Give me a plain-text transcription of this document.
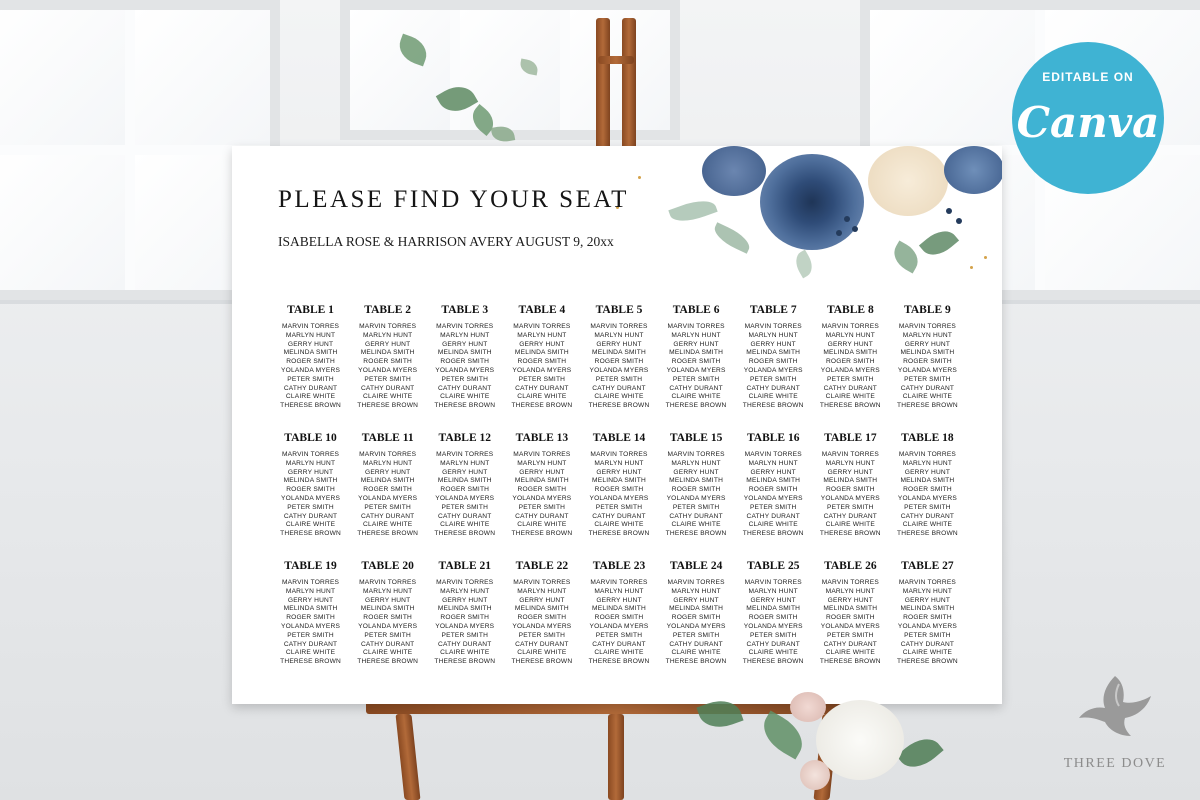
PLEASE FIND YOUR SEAT
ISABELLA ROSE & HARRISON AVERY AUGUST 9, 20xx
TABLE 1
MARVIN TORRES
MARLYN HUNT
GERRY HUNT
MELINDA SMITH
ROGER SMITH
YOLANDA MYERS
PETER SMITH
CATHY DURANT
CLAIRE WHITE
THERESE BROWN
TABLE 2
MARVIN TORRES
MARLYN HUNT
GERRY HUNT
MELINDA SMITH
ROGER SMITH
YOLANDA MYERS
PETER SMITH
CATHY DURANT
CLAIRE WHITE
THERESE BROWN
TABLE 3
MARVIN TORRES
MARLYN HUNT
GERRY HUNT
MELINDA SMITH
ROGER SMITH
YOLANDA MYERS
PETER SMITH
CATHY DURANT
CLAIRE WHITE
THERESE BROWN
TABLE 4
MARVIN TORRES
MARLYN HUNT
GERRY HUNT
MELINDA SMITH
ROGER SMITH
YOLANDA MYERS
PETER SMITH
CATHY DURANT
CLAIRE WHITE
THERESE BROWN
TABLE 5
MARVIN TORRES
MARLYN HUNT
GERRY HUNT
MELINDA SMITH
ROGER SMITH
YOLANDA MYERS
PETER SMITH
CATHY DURANT
CLAIRE WHITE
THERESE BROWN
TABLE 6
MARVIN TORRES
MARLYN HUNT
GERRY HUNT
MELINDA SMITH
ROGER SMITH
YOLANDA MYERS
PETER SMITH
CATHY DURANT
CLAIRE WHITE
THERESE BROWN
TABLE 7
MARVIN TORRES
MARLYN HUNT
GERRY HUNT
MELINDA SMITH
ROGER SMITH
YOLANDA MYERS
PETER SMITH
CATHY DURANT
CLAIRE WHITE
THERESE BROWN
TABLE 8
MARVIN TORRES
MARLYN HUNT
GERRY HUNT
MELINDA SMITH
ROGER SMITH
YOLANDA MYERS
PETER SMITH
CATHY DURANT
CLAIRE WHITE
THERESE BROWN
TABLE 9
MARVIN TORRES
MARLYN HUNT
GERRY HUNT
MELINDA SMITH
ROGER SMITH
YOLANDA MYERS
PETER SMITH
CATHY DURANT
CLAIRE WHITE
THERESE BROWN
TABLE 10
MARVIN TORRES
MARLYN HUNT
GERRY HUNT
MELINDA SMITH
ROGER SMITH
YOLANDA MYERS
PETER SMITH
CATHY DURANT
CLAIRE WHITE
THERESE BROWN
TABLE 11
MARVIN TORRES
MARLYN HUNT
GERRY HUNT
MELINDA SMITH
ROGER SMITH
YOLANDA MYERS
PETER SMITH
CATHY DURANT
CLAIRE WHITE
THERESE BROWN
TABLE 12
MARVIN TORRES
MARLYN HUNT
GERRY HUNT
MELINDA SMITH
ROGER SMITH
YOLANDA MYERS
PETER SMITH
CATHY DURANT
CLAIRE WHITE
THERESE BROWN
TABLE 13
MARVIN TORRES
MARLYN HUNT
GERRY HUNT
MELINDA SMITH
ROGER SMITH
YOLANDA MYERS
PETER SMITH
CATHY DURANT
CLAIRE WHITE
THERESE BROWN
TABLE 14
MARVIN TORRES
MARLYN HUNT
GERRY HUNT
MELINDA SMITH
ROGER SMITH
YOLANDA MYERS
PETER SMITH
CATHY DURANT
CLAIRE WHITE
THERESE BROWN
TABLE 15
MARVIN TORRES
MARLYN HUNT
GERRY HUNT
MELINDA SMITH
ROGER SMITH
YOLANDA MYERS
PETER SMITH
CATHY DURANT
CLAIRE WHITE
THERESE BROWN
TABLE 16
MARVIN TORRES
MARLYN HUNT
GERRY HUNT
MELINDA SMITH
ROGER SMITH
YOLANDA MYERS
PETER SMITH
CATHY DURANT
CLAIRE WHITE
THERESE BROWN
TABLE 17
MARVIN TORRES
MARLYN HUNT
GERRY HUNT
MELINDA SMITH
ROGER SMITH
YOLANDA MYERS
PETER SMITH
CATHY DURANT
CLAIRE WHITE
THERESE BROWN
TABLE 18
MARVIN TORRES
MARLYN HUNT
GERRY HUNT
MELINDA SMITH
ROGER SMITH
YOLANDA MYERS
PETER SMITH
CATHY DURANT
CLAIRE WHITE
THERESE BROWN
TABLE 19
MARVIN TORRES
MARLYN HUNT
GERRY HUNT
MELINDA SMITH
ROGER SMITH
YOLANDA MYERS
PETER SMITH
CATHY DURANT
CLAIRE WHITE
THERESE BROWN
TABLE 20
MARVIN TORRES
MARLYN HUNT
GERRY HUNT
MELINDA SMITH
ROGER SMITH
YOLANDA MYERS
PETER SMITH
CATHY DURANT
CLAIRE WHITE
THERESE BROWN
TABLE 21
MARVIN TORRES
MARLYN HUNT
GERRY HUNT
MELINDA SMITH
ROGER SMITH
YOLANDA MYERS
PETER SMITH
CATHY DURANT
CLAIRE WHITE
THERESE BROWN
TABLE 22
MARVIN TORRES
MARLYN HUNT
GERRY HUNT
MELINDA SMITH
ROGER SMITH
YOLANDA MYERS
PETER SMITH
CATHY DURANT
CLAIRE WHITE
THERESE BROWN
TABLE 23
MARVIN TORRES
MARLYN HUNT
GERRY HUNT
MELINDA SMITH
ROGER SMITH
YOLANDA MYERS
PETER SMITH
CATHY DURANT
CLAIRE WHITE
THERESE BROWN
TABLE 24
MARVIN TORRES
MARLYN HUNT
GERRY HUNT
MELINDA SMITH
ROGER SMITH
YOLANDA MYERS
PETER SMITH
CATHY DURANT
CLAIRE WHITE
THERESE BROWN
TABLE 25
MARVIN TORRES
MARLYN HUNT
GERRY HUNT
MELINDA SMITH
ROGER SMITH
YOLANDA MYERS
PETER SMITH
CATHY DURANT
CLAIRE WHITE
THERESE BROWN
TABLE 26
MARVIN TORRES
MARLYN HUNT
GERRY HUNT
MELINDA SMITH
ROGER SMITH
YOLANDA MYERS
PETER SMITH
CATHY DURANT
CLAIRE WHITE
THERESE BROWN
TABLE 27
MARVIN TORRES
MARLYN HUNT
GERRY HUNT
MELINDA SMITH
ROGER SMITH
YOLANDA MYERS
PETER SMITH
CATHY DURANT
CLAIRE WHITE
THERESE BROWN
EDITABLE ON
Canva
THREE DOVE
